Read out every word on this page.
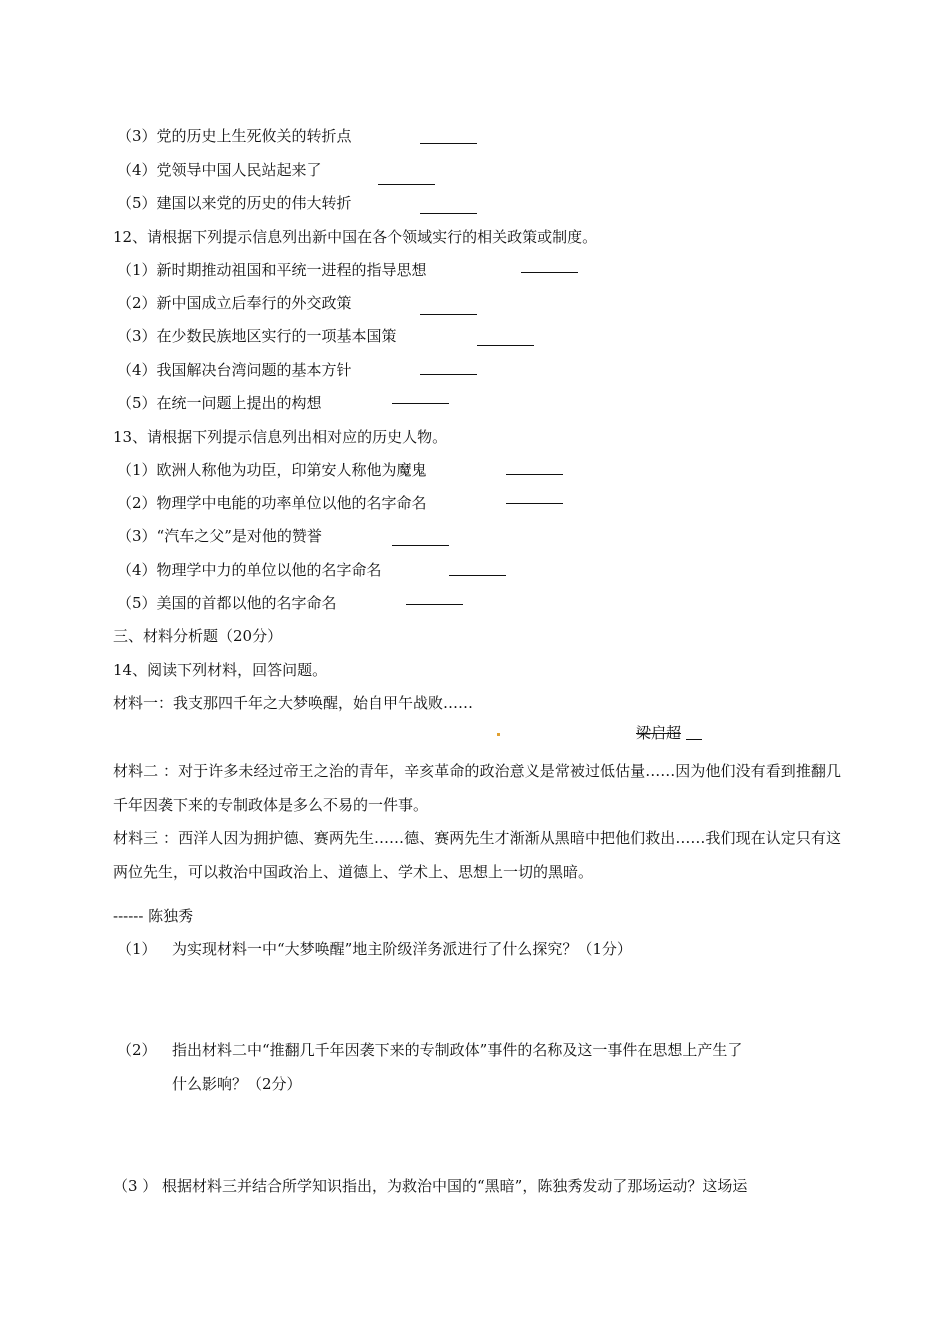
（3）党的历史上生死攸关的转折点
（4）党领导中国人民站起来了
（5）建国以来党的历史的伟大转折
12、请根据下列提示信息列出新中国在各个领域实行的相关政策或制度。
（1）新时期推动祖国和平统一进程的指导思想
（2）新中国成立后奉行的外交政策
（3）在少数民族地区实行的一项基本国策
（4）我国解决台湾问题的基本方针
（5）在统一问题上提出的构想
13、请根据下列提示信息列出相对应的历史人物。
（1）欧洲人称他为功臣，印第安人称他为魔鬼
（2）物理学中电能的功率单位以他的名字命名
（3）“汽车之父”是对他的赞誉
（4）物理学中力的单位以他的名字命名
（5）美国的首都以他的名字命名
三、材料分析题（20分）
14、阅读下列材料，回答问题。
材料一：我支那四千年之大梦唤醒，始自甲午战败……
梁启超
材料二 ：对于许多未经过帝王之治的青年，辛亥革命的政治意义是常被过低估量……因为他们没有看到推翻几千年因袭下来的专制政体是多么不易的一件事。
材料三 ：西洋人因为拥护德、赛两先生……德、赛两先生才渐渐从黑暗中把他们救出……我们现在认定只有这两位先生，可以救治中国政治上、道德上、学术上、思想上一切的黑暗。
------ 陈独秀
（1） 为实现材料一中“大梦唤醒”地主阶级洋务派进行了什么探究？（1分）
（2） 指出材料二中“推翻几千年因袭下来的专制政体”事件的名称及这一事件在思想上产生了
什么影响？（2分）
（3 ） 根据材料三并结合所学知识指出，为救治中国的“黑暗”，陈独秀发动了那场运动？这场运
